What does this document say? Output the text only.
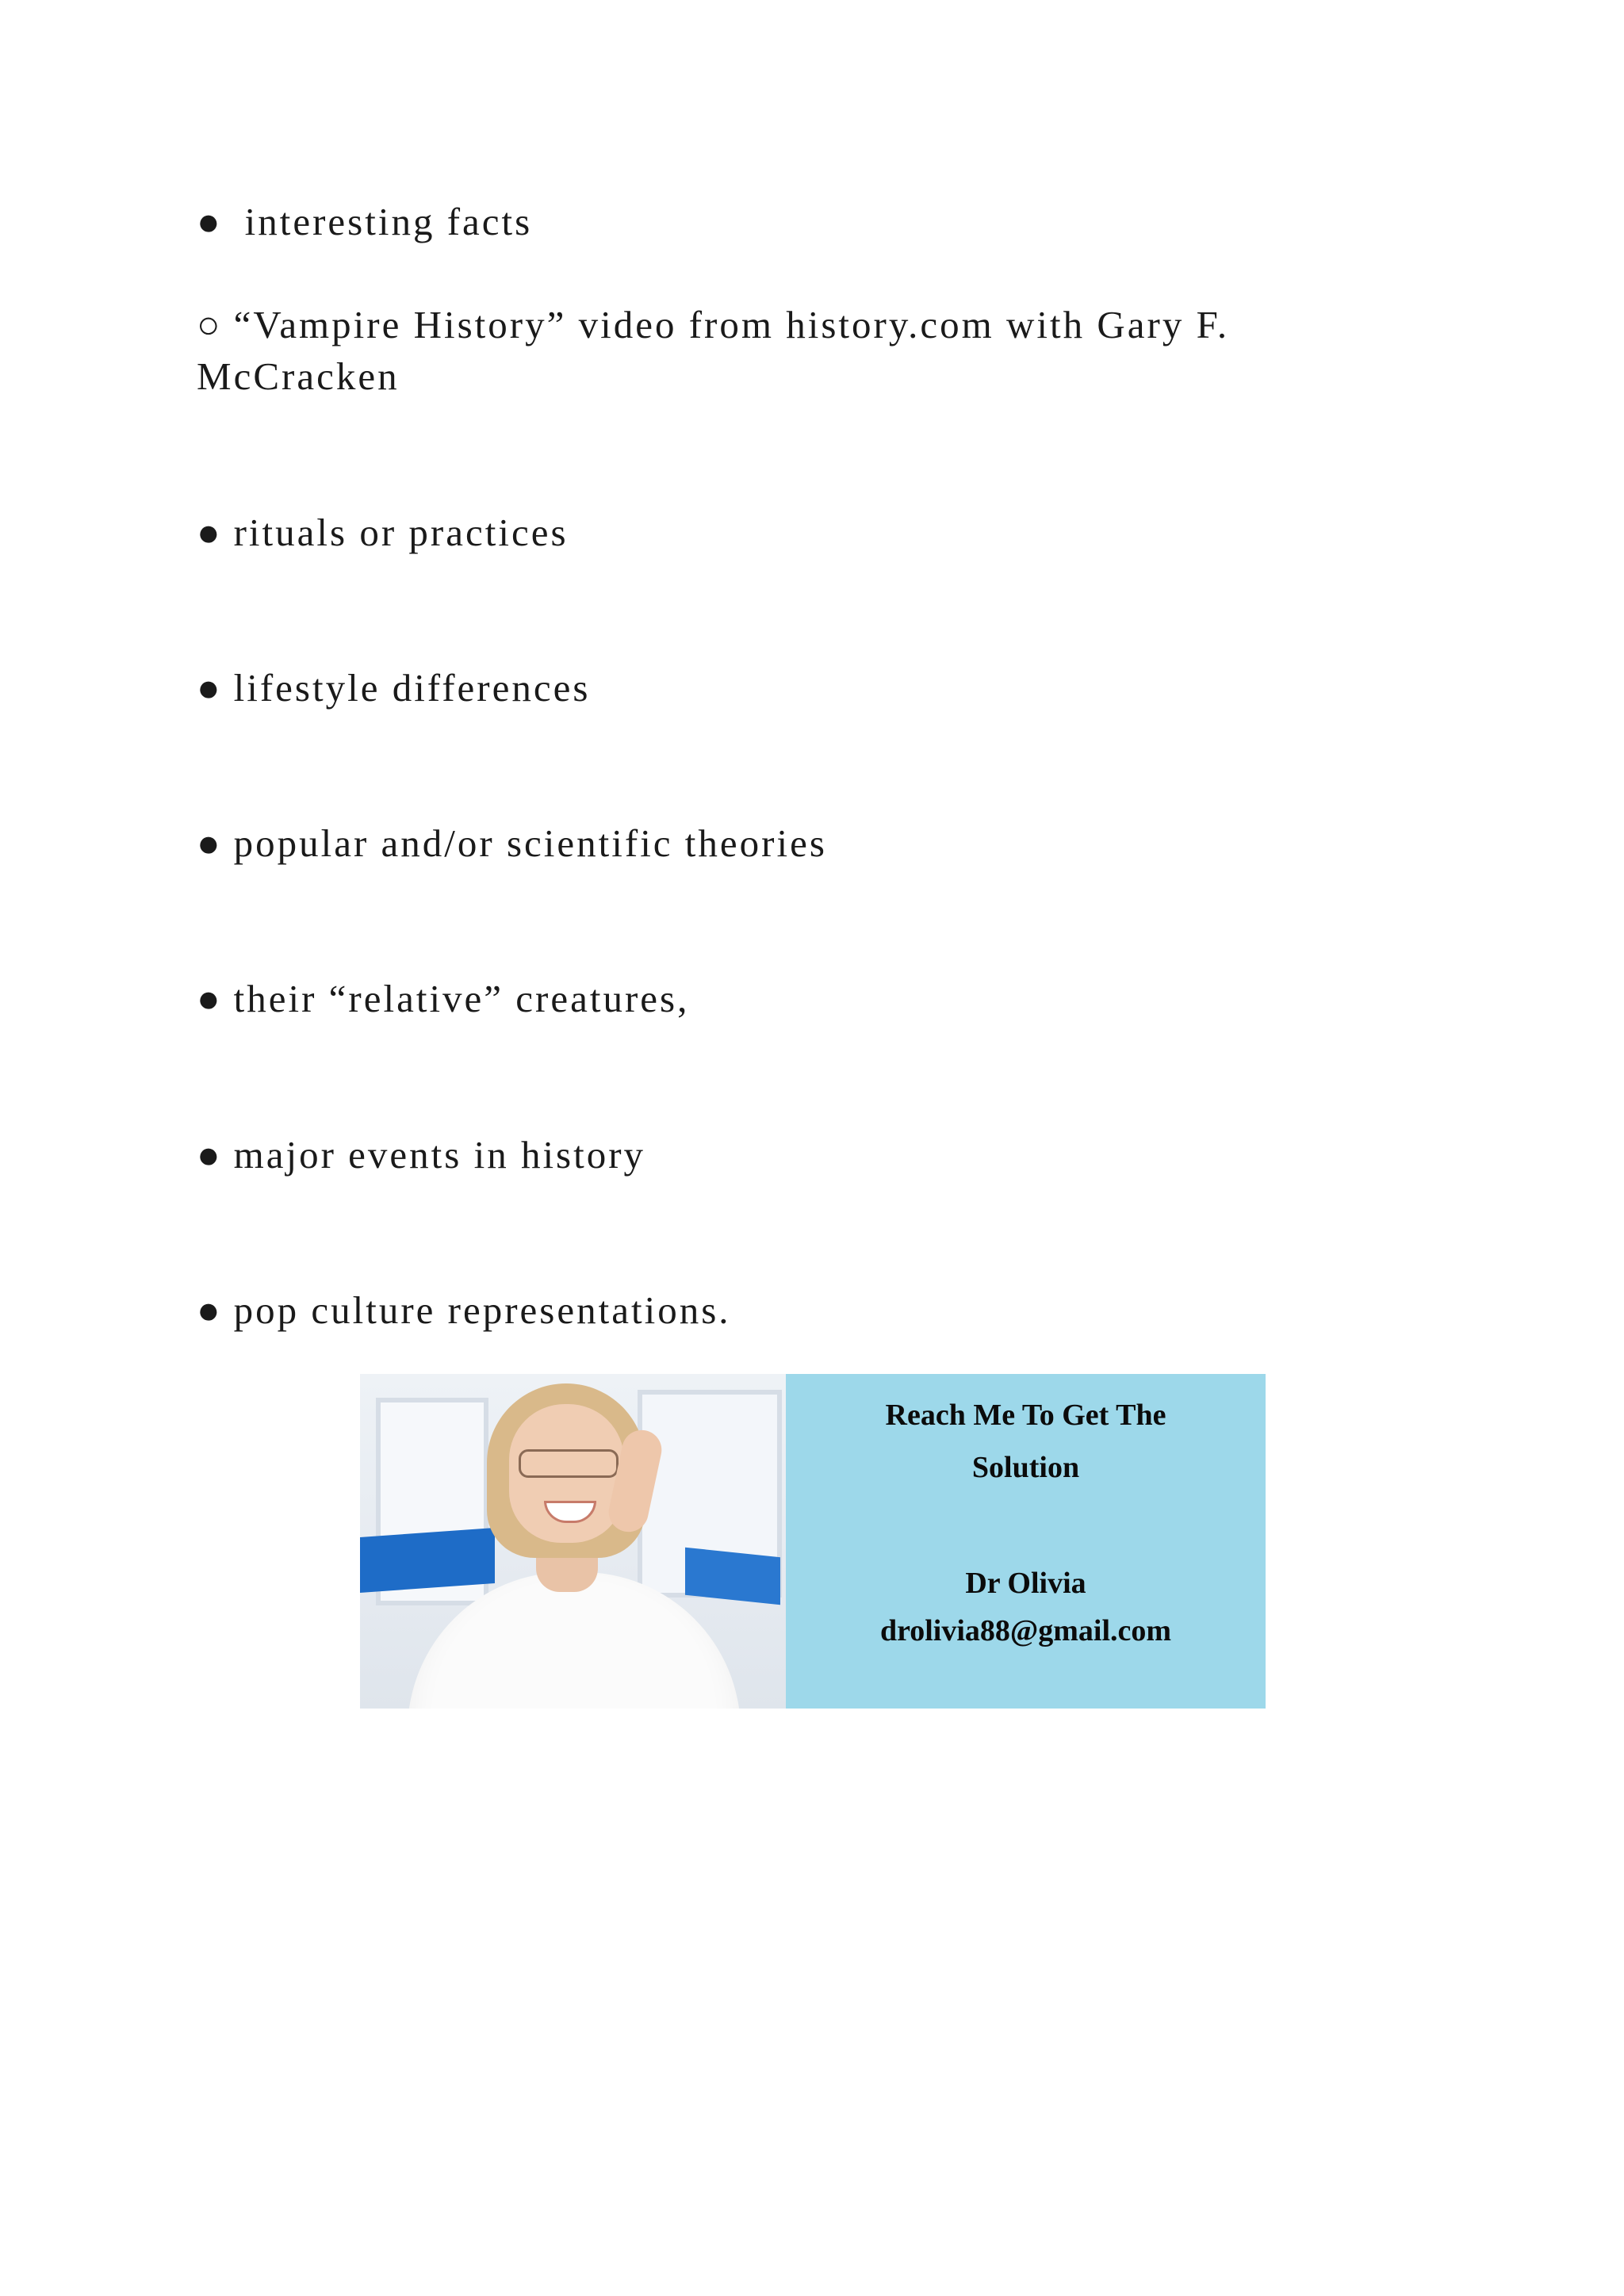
● interesting facts
○ “Vampire History” video from history.com with Gary F.
McCracken
● rituals or practices
● lifestyle differences
● popular and/or scientific theories
● their “relative” creatures,
● major events in history
● pop culture representations.
Reach Me To Get The
Solution
Dr Olivia
drolivia88@gmail.com
